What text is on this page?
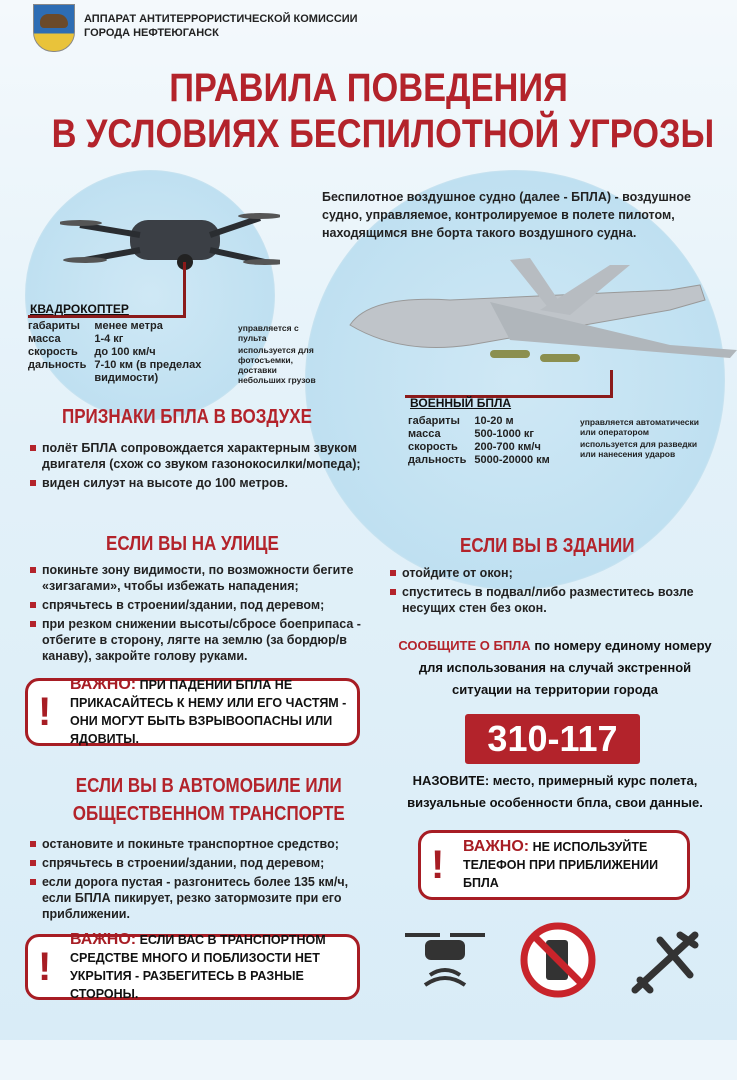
АППАРАТ АНТИТЕРРОРИСТИЧЕСКОЙ КОМИССИИ
ГОРОДА НЕФТЕЮГАНСК
ПРАВИЛА ПОВЕДЕНИЯ
В УСЛОВИЯХ БЕСПИЛОТНОЙ УГРОЗЫ
КВАДРОКОПТЕР
габариты	менее метра
масса	1-4 кг
скорость	до 100 км/ч
дальность	7-10 км (в пределах видимости)
управляется с пульта
используется для фотосъемки, доставки небольших грузов
Беспилотное воздушное судно (далее - БПЛА) - воздушное судно, управляемое, контролируемое в полете пилотом, находящимся вне борта такого воздушного судна.
ВОЕННЫЙ БПЛА
габариты	10-20 м
масса	500-1000 кг
скорость	200-700 км/ч
дальность	5000-20000 км
управляется автоматически или оператором
используется для разведки или нанесения ударов
ПРИЗНАКИ БПЛА В ВОЗДУХЕ
полёт БПЛА сопровождается характерным звуком двигателя (схож со звуком газонокосилки/мопеда);
виден силуэт на высоте до 100 метров.
ЕСЛИ ВЫ НА УЛИЦЕ
покиньте зону видимости, по возможности бегите «зигзагами», чтобы избежать нападения;
спрячьтесь в строении/здании, под деревом;
при резком снижении высоты/сбросе боеприпаса - отбегите в сторону, лягте на землю (за бордюр/в канаву), закройте голову руками.
!
ВАЖНО: ПРИ ПАДЕНИИ БПЛА НЕ ПРИКАСАЙТЕСЬ К НЕМУ ИЛИ ЕГО ЧАСТЯМ - ОНИ МОГУТ БЫТЬ ВЗРЫВООПАСНЫ ИЛИ ЯДОВИТЫ.
ЕСЛИ ВЫ В АВТОМОБИЛЕ ИЛИ
ОБЩЕСТВЕННОМ ТРАНСПОРТЕ
остановите и покиньте транспортное средство;
спрячьтесь в строении/здании, под деревом;
если дорога пустая - разгонитесь более 135 км/ч, если БПЛА пикирует, резко затормозите при его приближении.
!
ВАЖНО: ЕСЛИ ВАС В ТРАНСПОРТНОМ СРЕДСТВЕ МНОГО И ПОБЛИЗОСТИ НЕТ УКРЫТИЯ - РАЗБЕГИТЕСЬ В РАЗНЫЕ СТОРОНЫ.
ЕСЛИ ВЫ В ЗДАНИИ
отойдите от окон;
спуститесь в подвал/либо разместитесь возле несущих стен без окон.
СООБЩИТЕ О БПЛА по номеру единому номеру
для использования на случай экстренной
ситуации на территории города
310-117
НАЗОВИТЕ: место, примерный курс полета,
визуальные особенности бпла, свои данные.
!	ВАЖНО: НЕ ИСПОЛЬЗУЙТЕ ТЕЛЕФОН ПРИ ПРИБЛИЖЕНИИ БПЛА
